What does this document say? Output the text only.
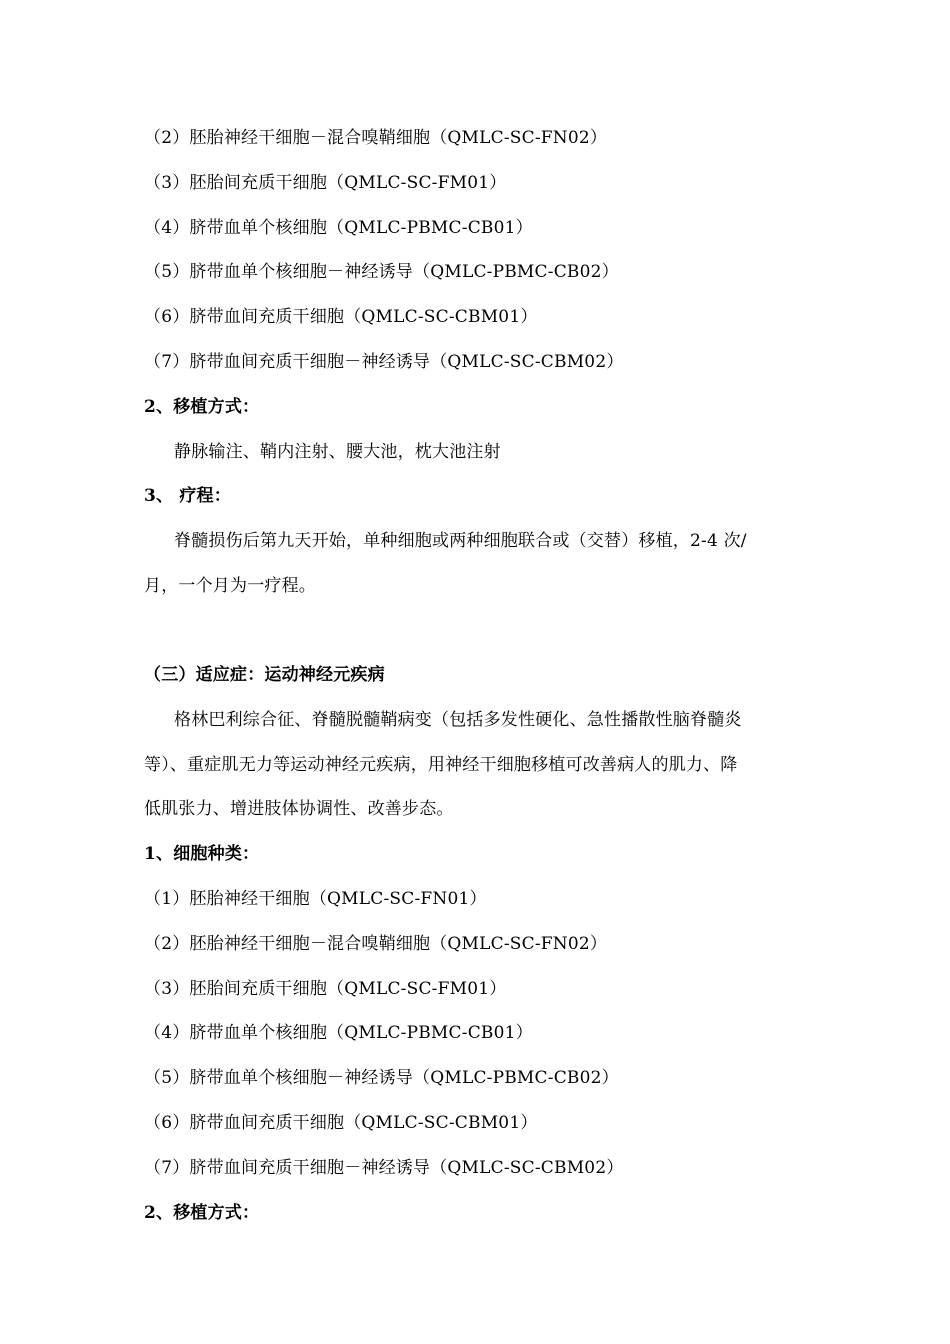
（2）胚胎神经干细胞－混合嗅鞘细胞（QMLC-SC-FN02）
（3）胚胎间充质干细胞（QMLC-SC-FM01）
（4）脐带血单个核细胞（QMLC-PBMC-CB01）
（5）脐带血单个核细胞－神经诱导（QMLC-PBMC-CB02）
（6）脐带血间充质干细胞（QMLC-SC-CBM01）
（7）脐带血间充质干细胞－神经诱导（QMLC-SC-CBM02）
2、移植方式：
静脉输注、鞘内注射、腰大池，枕大池注射
3、 疗程：
脊髓损伤后第九天开始，单种细胞或两种细胞联合或（交替）移植，2-4 次/
月，一个月为一疗程。
（三）适应症：运动神经元疾病
格林巴利综合征、脊髓脱髓鞘病变（包括多发性硬化、急性播散性脑脊髓炎
等）、重症肌无力等运动神经元疾病，用神经干细胞移植可改善病人的肌力、降
低肌张力、增进肢体协调性、改善步态。
1、细胞种类：
（1）胚胎神经干细胞（QMLC-SC-FN01）
（2）胚胎神经干细胞－混合嗅鞘细胞（QMLC-SC-FN02）
（3）胚胎间充质干细胞（QMLC-SC-FM01）
（4）脐带血单个核细胞（QMLC-PBMC-CB01）
（5）脐带血单个核细胞－神经诱导（QMLC-PBMC-CB02）
（6）脐带血间充质干细胞（QMLC-SC-CBM01）
（7）脐带血间充质干细胞－神经诱导（QMLC-SC-CBM02）
2、移植方式：
